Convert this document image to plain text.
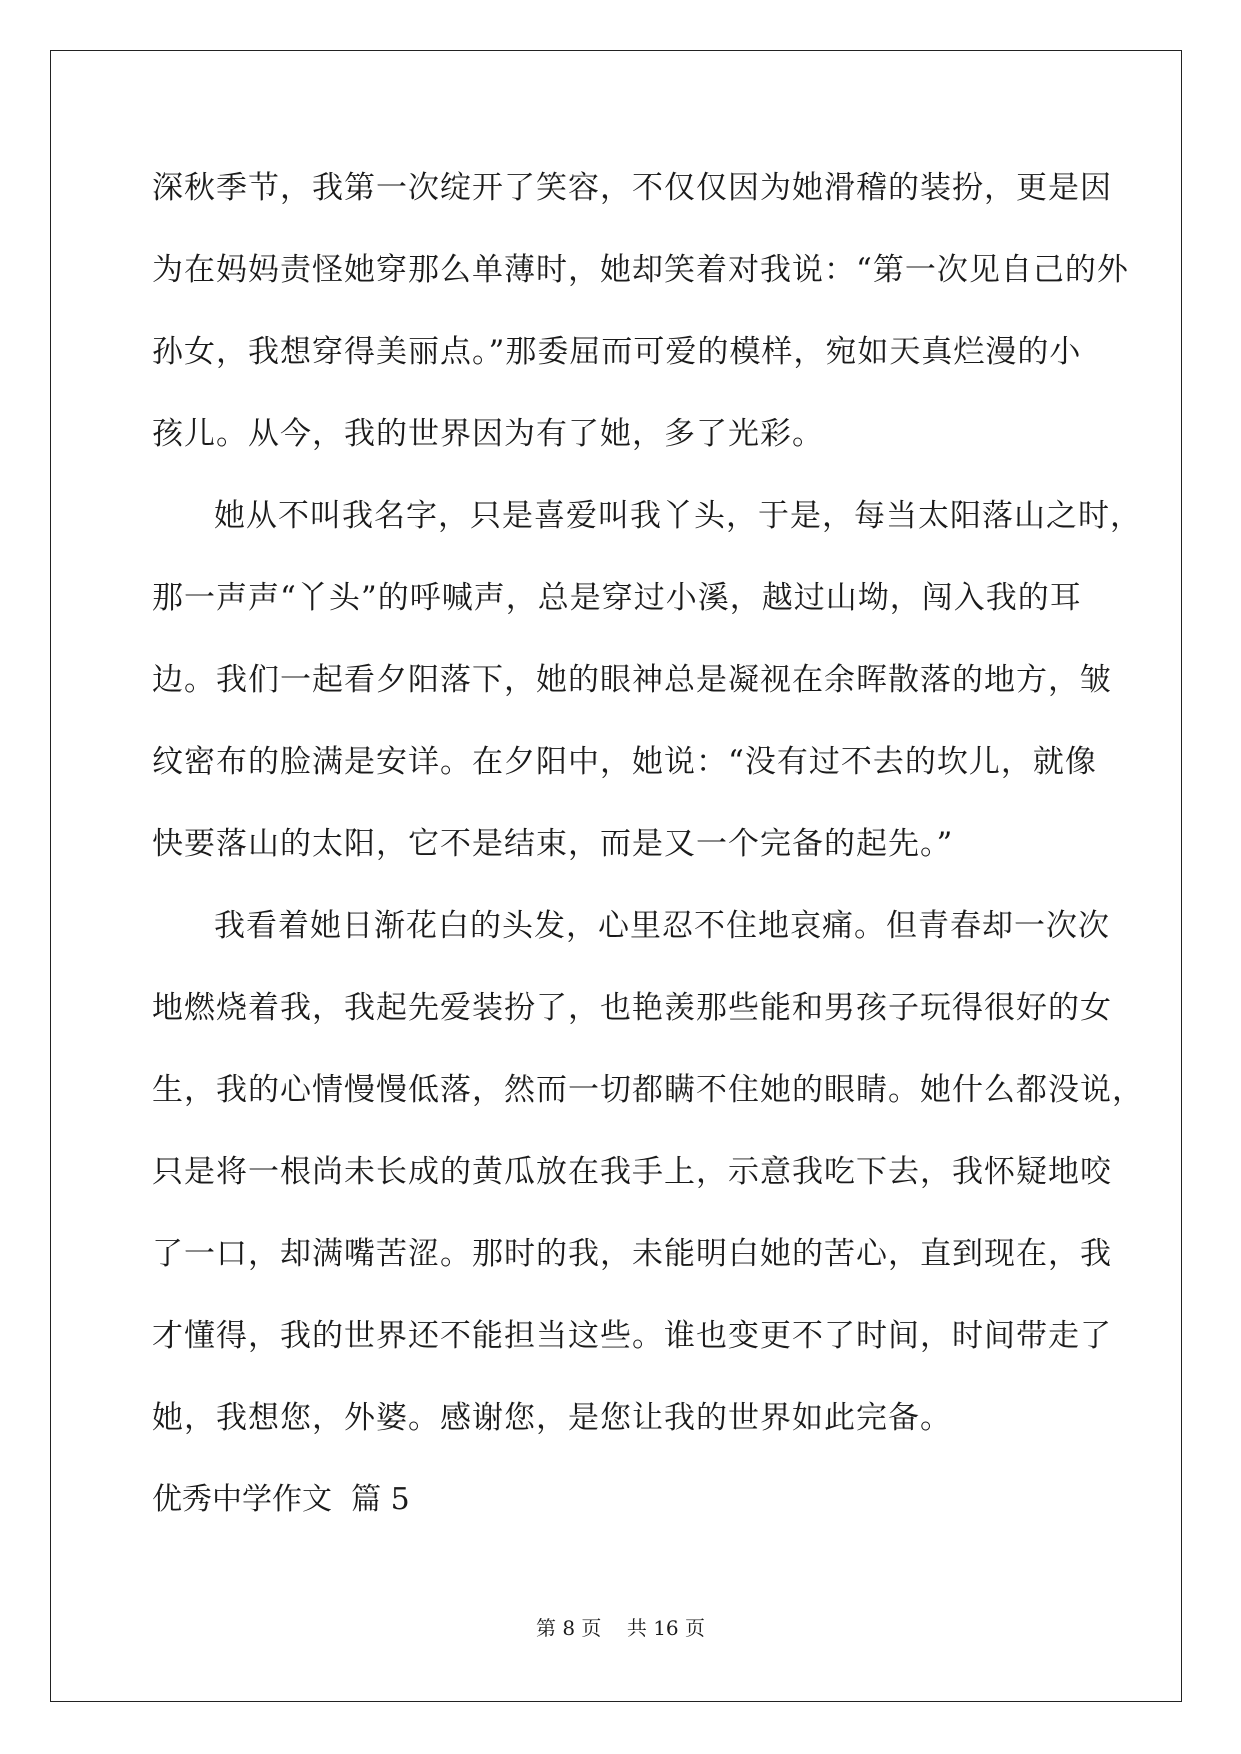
深秋季节，我第一次绽开了笑容，不仅仅因为她滑稽的装扮，更是因
为在妈妈责怪她穿那么单薄时，她却笑着对我说：“第一次见自己的外
孙女，我想穿得美丽点。”那委屈而可爱的模样，宛如天真烂漫的小
孩儿。从今，我的世界因为有了她，多了光彩。
她从不叫我名字，只是喜爱叫我丫头，于是，每当太阳落山之时，
那一声声“丫头”的呼喊声，总是穿过小溪，越过山坳，闯入我的耳
边。我们一起看夕阳落下，她的眼神总是凝视在余晖散落的地方，皱
纹密布的脸满是安详。在夕阳中，她说：“没有过不去的坎儿，就像
快要落山的太阳，它不是结束，而是又一个完备的起先。”
我看着她日渐花白的头发，心里忍不住地哀痛。但青春却一次次
地燃烧着我，我起先爱装扮了，也艳羡那些能和男孩子玩得很好的女
生，我的心情慢慢低落，然而一切都瞒不住她的眼睛。她什么都没说，
只是将一根尚未长成的黄瓜放在我手上，示意我吃下去，我怀疑地咬
了一口，却满嘴苦涩。那时的我，未能明白她的苦心，直到现在，我
才懂得，我的世界还不能担当这些。谁也变更不了时间，时间带走了
她，我想您，外婆。感谢您，是您让我的世界如此完备。
优秀中学作文  篇 5
第 8 页    共 16 页
